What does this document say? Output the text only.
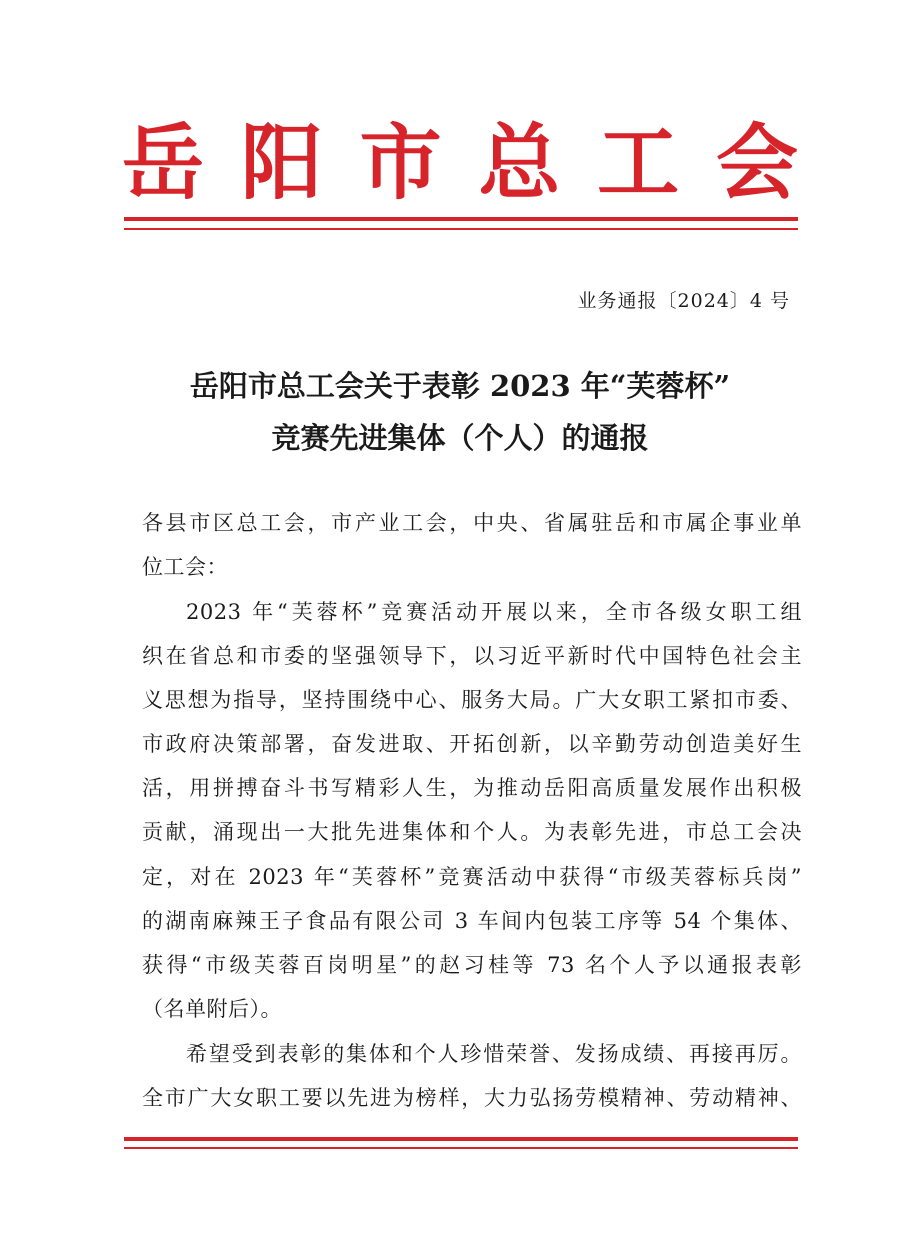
岳 阳 市 总 工 会
业务通报〔2024〕4 号
岳阳市总工会关于表彰 2023 年“芙蓉杯”
竞赛先进集体（个人）的通报
各县市区总工会，市产业工会，中央、省属驻岳和市属企事业单
位工会：
2023 年“芙蓉杯”竞赛活动开展以来，全市各级女职工组
织在省总和市委的坚强领导下，以习近平新时代中国特色社会主
义思想为指导，坚持围绕中心、服务大局。广大女职工紧扣市委、
市政府决策部署，奋发进取、开拓创新，以辛勤劳动创造美好生
活，用拼搏奋斗书写精彩人生，为推动岳阳高质量发展作出积极
贡献，涌现出一大批先进集体和个人。为表彰先进，市总工会决
定，对在 2023 年“芙蓉杯”竞赛活动中获得“市级芙蓉标兵岗”
的湖南麻辣王子食品有限公司 3 车间内包装工序等 54 个集体、
获得“市级芙蓉百岗明星”的赵习桂等 73 名个人予以通报表彰
（名单附后）。
希望受到表彰的集体和个人珍惜荣誉、发扬成绩、再接再厉。
全市广大女职工要以先进为榜样，大力弘扬劳模精神、劳动精神、
